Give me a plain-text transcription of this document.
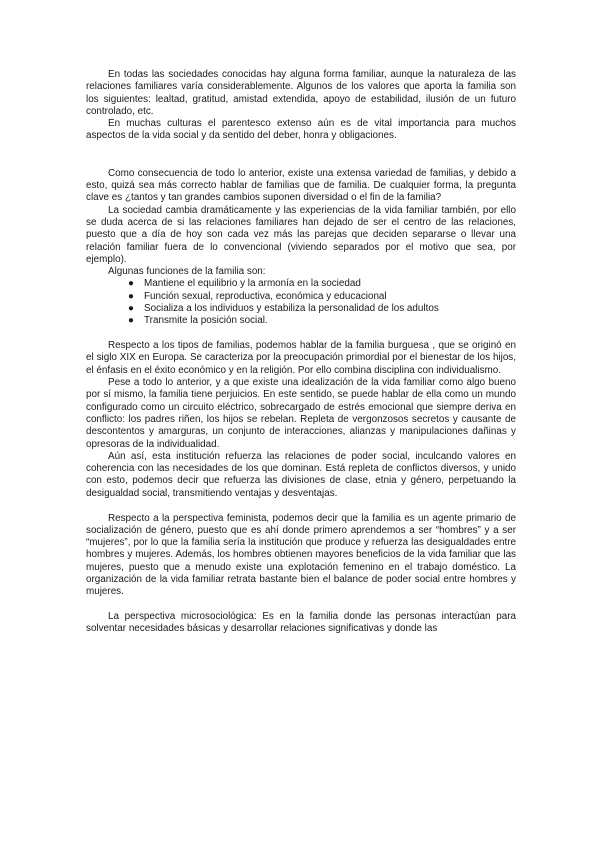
En todas las sociedades conocidas hay alguna forma familiar, aunque la naturaleza de las relaciones familiares varía considerablemente. Algunos de los valores que aporta la familia son los siguientes: lealtad, gratitud, amistad extendida, apoyo de estabilidad, ilusión de un futuro controlado, etc.

En muchas culturas el parentesco extenso aún es de vital importancia para muchos aspectos de la vida social y da sentido del deber, honra y obligaciones.

Como consecuencia de todo lo anterior, existe una extensa variedad de familias, y debido a esto, quizá sea más correcto hablar de familias que de familia. De cualquier forma, la pregunta clave es ¿tantos y tan grandes cambios suponen diversidad o el fin de la familia?

La sociedad cambia dramáticamente y las experiencias de la vida familiar también, por ello se duda acerca de si las relaciones familiares han dejado de ser el centro de las relaciones, puesto que a día de hoy son cada vez más las parejas que deciden separarse o llevar una relación familiar fuera de lo convencional (viviendo separados por el motivo que sea, por ejemplo).

Algunas funciones de la familia son:

● Mantiene el equilibrio y la armonía en la sociedad
● Función sexual, reproductiva, económica y educacional
● Socializa a los individuos y estabiliza la personalidad de los adultos
● Transmite la posición social.

Respecto a los tipos de familias, podemos hablar de la familia burguesa , que se originó en el siglo XIX en Europa. Se caracteriza por la preocupación primordial por el bienestar de los hijos, el énfasis en el éxito económico y en la religión. Por ello combina disciplina con individualismo.

Pese a todo lo anterior, y a que existe una idealización de la vida familiar como algo bueno por sí mismo, la familia tiene perjuicios. En este sentido, se puede hablar de ella como un mundo configurado como un circuito eléctrico, sobrecargado de estrés emocional que siempre deriva en conflicto: los padres riñen, los hijos se rebelan. Repleta de vergonzosos secretos y causante de descontentos y amarguras, un conjunto de interacciones, alianzas y manipulaciones dañinas y opresoras de la individualidad.

Aún así, esta institución refuerza las relaciones de poder social, inculcando valores en coherencia con las necesidades de los que dominan. Está repleta de conflictos diversos, y unido con esto, podemos decir que refuerza las divisiones de clase, etnia y género, perpetuando la desigualdad social, transmitiendo ventajas y desventajas.

Respecto a la perspectiva feminista, podemos decir que la familia es un agente primario de socialización de género, puesto que es ahí donde primero aprendemos a ser “hombres” y a ser “mujeres”, por lo que la familia sería la institución que produce y refuerza las desigualdades entre hombres y mujeres. Además, los hombres obtienen mayores beneficios de la vida familiar que las mujeres, puesto que a menudo existe una explotación femenino en el trabajo doméstico. La organización de la vida familiar retrata bastante bien el balance de poder social entre hombres y mujeres.

La perspectiva microsociológica: Es en la familia donde las personas interactúan para solventar necesidades básicas y desarrollar relaciones significativas y donde las
